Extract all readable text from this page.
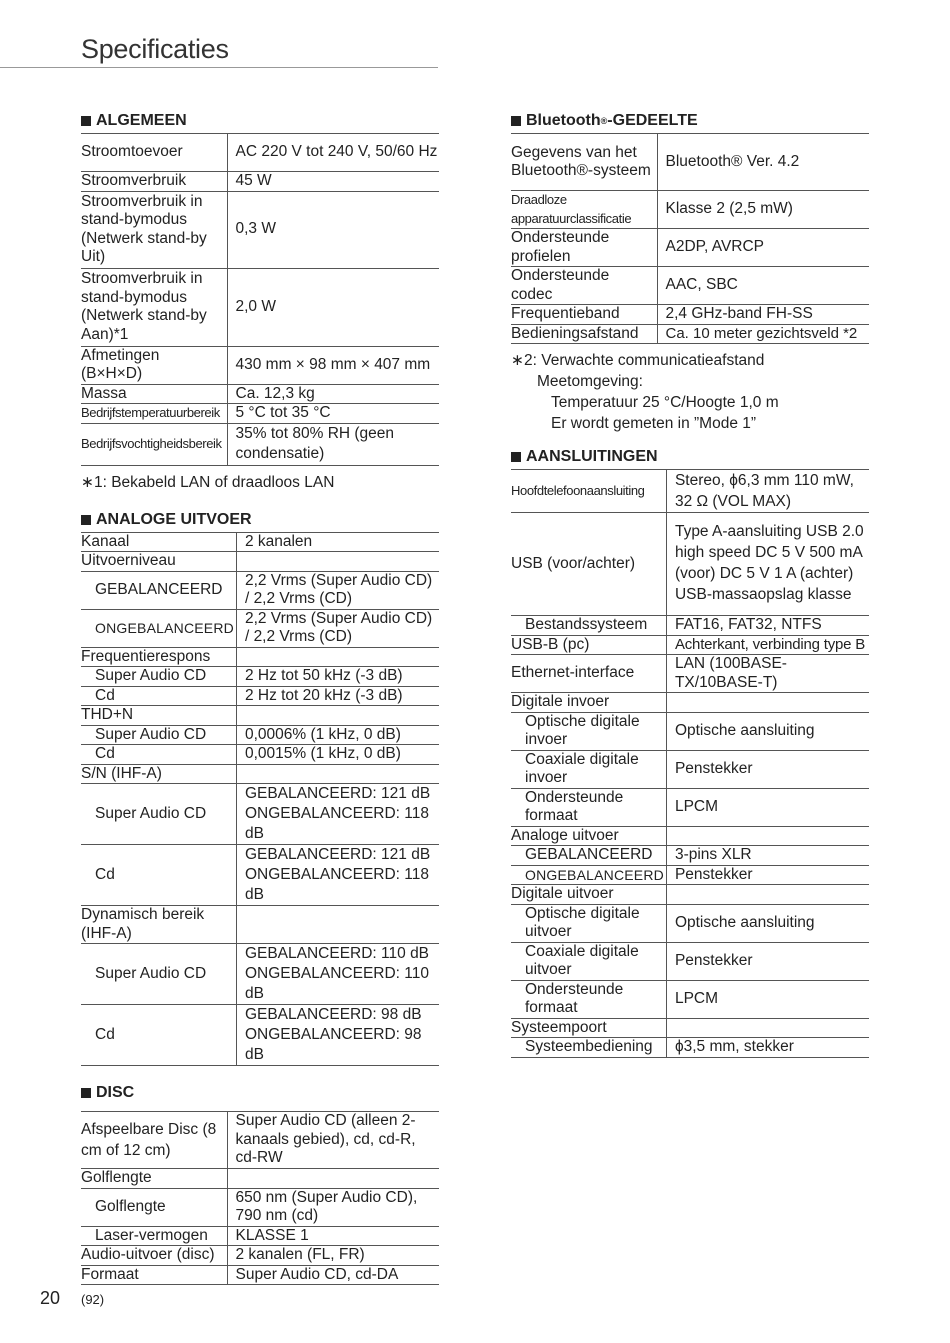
Specificaties
ALGEMEEN
Stroomtoevoer	AC 220 V tot 240 V, 50/60 Hz
Stroomverbruik	45 W
Stroomverbruik in stand-bymodus (Netwerk stand-by Uit)	0,3 W
Stroomverbruik in stand-bymodus (Netwerk stand-by Aan)*1	2,0 W
Afmetingen (B×H×D)	430 mm × 98 mm × 407 mm
Massa	Ca. 12,3 kg
Bedrijfstemperatuurbereik	5 °C tot 35 °C
Bedrijfsvochtigheidsbereik	35% tot 80% RH (geen condensatie)
∗1: Bekabeld LAN of draadloos LAN
ANALOGE UITVOER
Kanaal	2 kanalen
Uitvoerniveau	
GEBALANCEERD	2,2 Vrms (Super Audio CD) / 2,2 Vrms (CD)
ONGEBALANCEERD	2,2 Vrms (Super Audio CD) / 2,2 Vrms (CD)
Frequentierespons	
Super Audio CD	2 Hz tot 50 kHz (-3 dB)
Cd	2 Hz tot 20 kHz (-3 dB)
THD+N	
Super Audio CD	0,0006% (1 kHz, 0 dB)
Cd	0,0015% (1 kHz, 0 dB)
S/N (IHF-A)	
Super Audio CD	GEBALANCEERD: 121 dB ONGEBALANCEERD: 118 dB
Cd	GEBALANCEERD: 121 dB ONGEBALANCEERD: 118 dB
Dynamisch bereik (IHF-A)	
Super Audio CD	GEBALANCEERD: 110 dB ONGEBALANCEERD: 110 dB
Cd	GEBALANCEERD: 98 dB ONGEBALANCEERD: 98 dB
DISC
Afspeelbare Disc (8 cm of 12 cm)	Super Audio CD (alleen 2-kanaals gebied), cd, cd-R, cd-RW
Golflengte	
Golflengte	650 nm (Super Audio CD), 790 nm (cd)
Laser-vermogen	KLASSE 1
Audio-uitvoer (disc)	2 kanalen (FL, FR)
Formaat	Super Audio CD, cd-DA
Bluetooth ® -GEDEELTE
Gegevens van het Bluetooth®-systeem	Bluetooth® Ver. 4.2
Draadloze apparatuurclassificatie	Klasse 2 (2,5 mW)
Ondersteunde profielen	A2DP, AVRCP
Ondersteunde codec	AAC, SBC
Frequentieband	2,4 GHz-band FH-SS
Bedieningsafstand	Ca. 10 meter gezichtsveld *2
∗2: Verwachte communicatieafstand
Meetomgeving:
Temperatuur 25 °C/Hoogte 1,0 m
Er wordt gemeten in ”Mode 1”
AANSLUITINGEN
Hoofdtelefoonaansluiting	Stereo, ϕ6,3 mm 110 mW, 32 Ω (VOL MAX)
USB (voor/achter)	Type A-aansluiting USB 2.0 high speed DC 5 V 500 mA (voor) DC 5 V 1 A (achter) USB-massaopslag klasse
Bestandssysteem	FAT16, FAT32, NTFS
USB-B (pc)	Achterkant, verbinding type B
Ethernet-interface	LAN (100BASE-TX/10BASE-T)
Digitale invoer	
Optische digitale invoer	Optische aansluiting
Coaxiale digitale invoer	Penstekker
Ondersteunde formaat	LPCM
Analoge uitvoer	
GEBALANCEERD	3-pins XLR
ONGEBALANCEERD	Penstekker
Digitale uitvoer	
Optische digitale uitvoer	Optische aansluiting
Coaxiale digitale uitvoer	Penstekker
Ondersteunde formaat	LPCM
Systeempoort	
Systeembediening	ϕ3,5 mm, stekker
20 (92)
